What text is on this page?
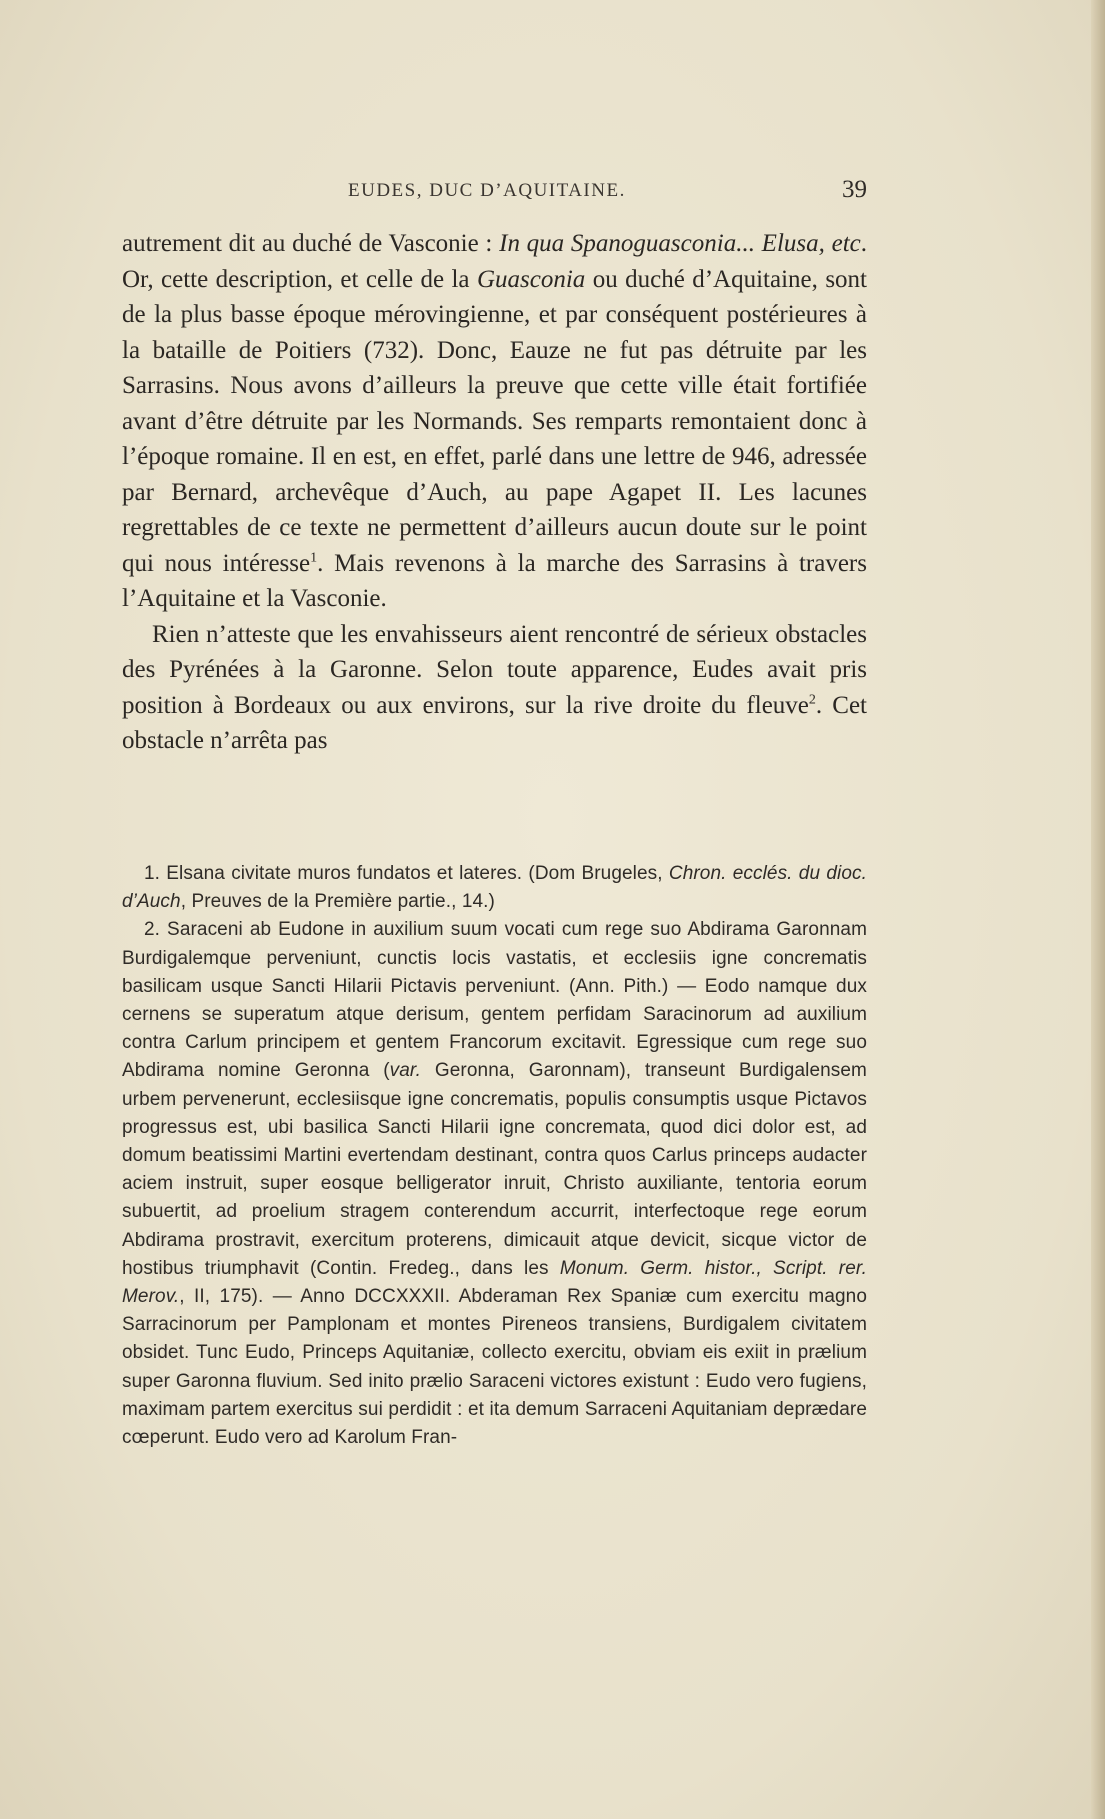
EUDES, DUC D’AQUITAINE.	39

autrement dit au duché de Vasconie : In qua Spanoguasconia... Elusa, etc. Or, cette description, et celle de la Guasconia ou duché d’Aquitaine, sont de la plus basse époque mérovingienne, et par conséquent postérieures à la bataille de Poitiers (732). Donc, Eauze ne fut pas détruite par les Sarrasins. Nous avons d’ailleurs la preuve que cette ville était fortifiée avant d’être détruite par les Normands. Ses remparts remontaient donc à l’époque romaine. Il en est, en effet, parlé dans une lettre de 946, adressée par Bernard, archevêque d’Auch, au pape Agapet II. Les lacunes regrettables de ce texte ne permettent d’ailleurs aucun doute sur le point qui nous intéresse$^1$. Mais revenons à la marche des Sarrasins à travers l’Aquitaine et la Vasconie.

Rien n’atteste que les envahisseurs aient rencontré de sérieux obstacles des Pyrénées à la Garonne. Selon toute apparence, Eudes avait pris position à Bordeaux ou aux environs, sur la rive droite du fleuve$^2$. Cet obstacle n’arrêta pas

1. Elsana civitate muros fundatos et lateres. (Dom Brugeles, Chron. ecclés. du dioc. d’Auch, Preuves de la Première partie., 14.)

2. Saraceni ab Eudone in auxilium suum vocati cum rege suo Abdirama Garonnam Burdigalemque perveniunt, cunctis locis vastatis, et ecclesiis igne concrematis basilicam usque Sancti Hilarii Pictavis perveniunt. (Ann. Pith.) — Eodo namque dux cernens se superatum atque derisum, gentem perfidam Saracinorum ad auxilium contra Carlum principem et gentem Francorum excitavit. Egressique cum rege suo Abdirama nomine Geronna (var. Geronna, Garonnam), transeunt Burdigalensem urbem pervenerunt, ecclesiisque igne concrematis, populis consumptis usque Pictavos progressus est, ubi basilica Sancti Hilarii igne concremata, quod dici dolor est, ad domum beatissimi Martini evertendam destinant, contra quos Carlus princeps audacter aciem instruit, super eosque belligerator inruit, Christo auxiliante, tentoria eorum subuertit, ad proelium stragem conterendum accurrit, interfectoque rege eorum Abdirama prostravit, exercitum proterens, dimicauit atque devicit, sicque victor de hostibus triumphavit (Contin. Fredeg., dans les Monum. Germ. histor., Script. rer. Merov., II, 175). — Anno DCCXXXII. Abderaman Rex Spaniæ cum exercitu magno Sarracinorum per Pamplonam et montes Pireneos transiens, Burdigalem civitatem obsidet. Tunc Eudo, Princeps Aquitaniæ, collecto exercitu, obviam eis exiit in prælium super Garonna fluvium. Sed inito prælio Saraceni victores existunt : Eudo vero fugiens, maximam partem exercitus sui perdidit : et ita demum Sarraceni Aquitaniam deprædare cœperunt. Eudo vero ad Karolum Fran-
